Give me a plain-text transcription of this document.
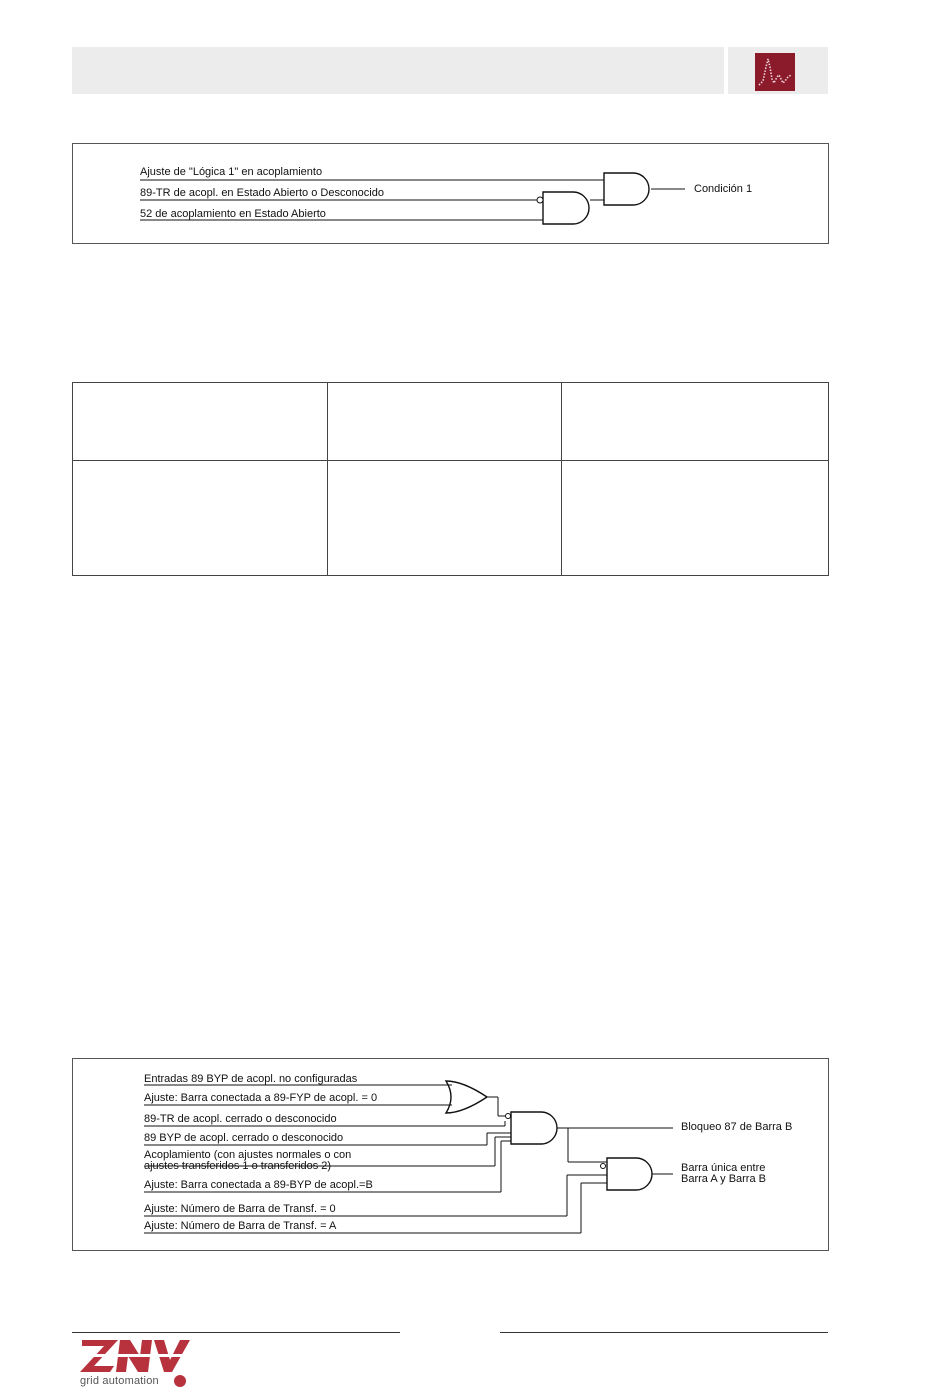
Ajuste de "Lógica 1" en acoplamiento
89-TR de acopl. en Estado Abierto o Desconocido
52 de acoplamiento en Estado Abierto
Condición 1

Entradas 89 BYP de acopl. no configuradas
Ajuste: Barra conectada a 89-FYP de acopl. = 0
89-TR de acopl. cerrado o desconocido
89 BYP de acopl. cerrado o desconocido
Acoplamiento (con ajustes normales o con ajustes transferidos 1 o transferidos 2)
Ajuste: Barra conectada a 89-BYP de acopl.=B
Ajuste: Número de Barra de Transf. = 0
Ajuste: Número de Barra de Transf. = A
Bloqueo 87 de Barra B
Barra única entre Barra A y Barra B
grid automation
